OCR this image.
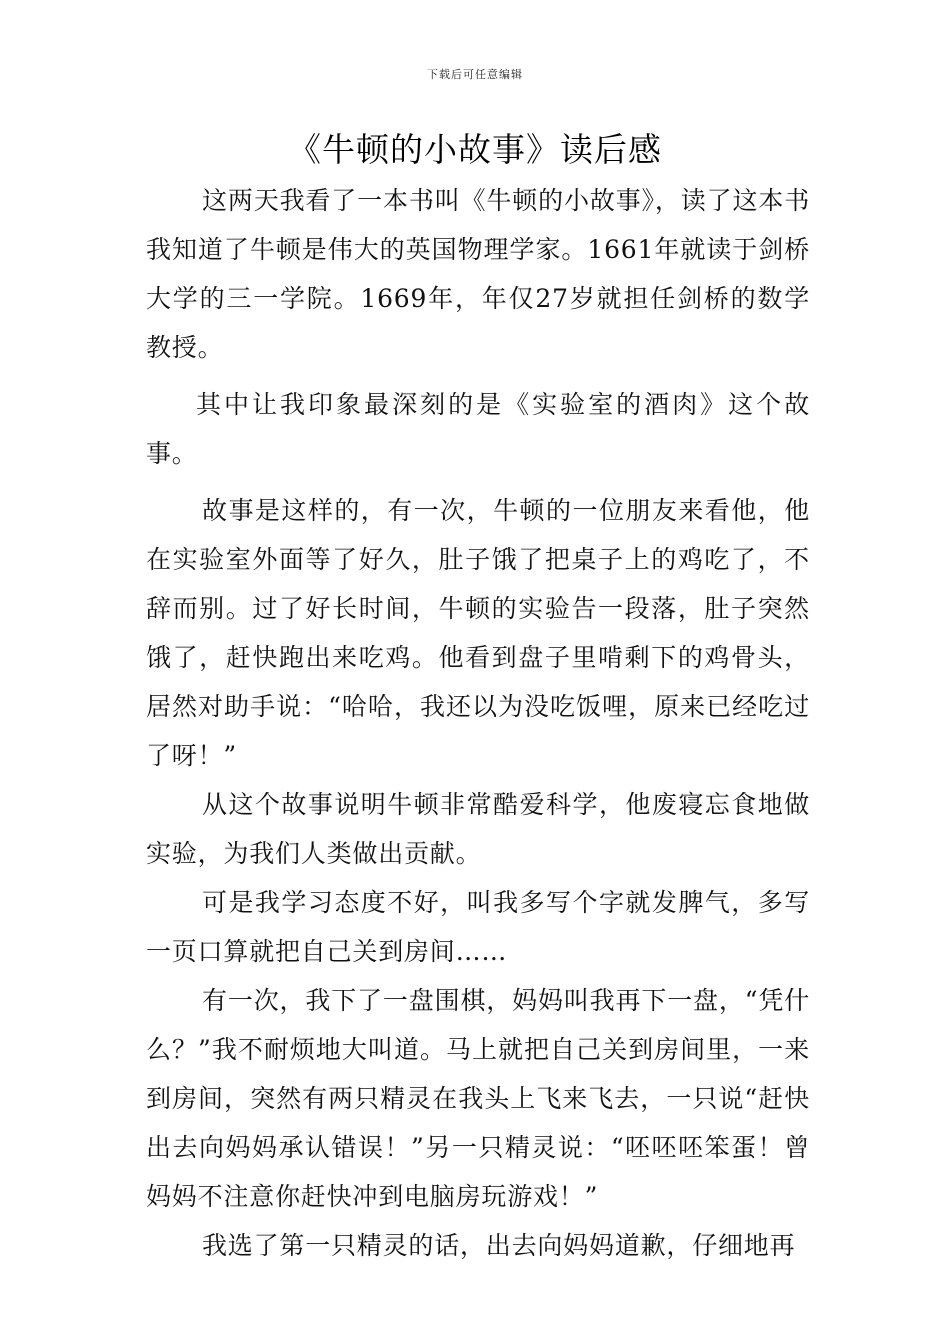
下载后可任意编辑
《牛顿的小故事》读后感

这两天我看了一本书叫《牛顿的小故事》，读了这本书我知道了牛顿是伟大的英国物理学家。1661年就读于剑桥大学的三一学院。1669年，年仅27岁就担任剑桥的数学教授。

其中让我印象最深刻的是《实验室的酒肉》这个故事。

故事是这样的，有一次，牛顿的一位朋友来看他，他在实验室外面等了好久，肚子饿了把桌子上的鸡吃了，不辞而别。过了好长时间，牛顿的实验告一段落，肚子突然饿了，赶快跑出来吃鸡。他看到盘子里啃剩下的鸡骨头，居然对助手说：“哈哈，我还以为没吃饭哩，原来已经吃过了呀！”

从这个故事说明牛顿非常酷爱科学，他废寝忘食地做实验，为我们人类做出贡献。

可是我学习态度不好，叫我多写个字就发脾气，多写一页口算就把自己关到房间……

有一次，我下了一盘围棋，妈妈叫我再下一盘，“凭什么？”我不耐烦地大叫道。马上就把自己关到房间里，一来到房间，突然有两只精灵在我头上飞来飞去，一只说“赶快出去向妈妈承认错误！”另一只精灵说：“呸呸呸笨蛋！曾妈妈不注意你赶快冲到电脑房玩游戏！”

我选了第一只精灵的话，出去向妈妈道歉，仔细地再
